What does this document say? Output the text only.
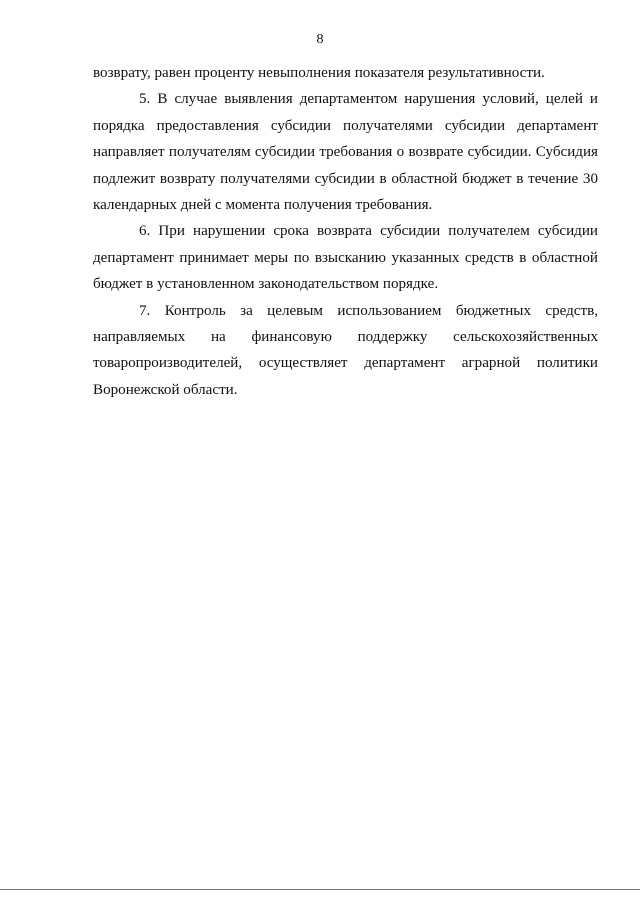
8

возврату, равен проценту невыполнения показателя результативности.

5. В случае выявления департаментом нарушения условий, целей и порядка предоставления субсидии получателями субсидии департамент направляет получателям субсидии требования о возврате субсидии. Субсидия подлежит возврату получателями субсидии в областной бюджет в течение 30 календарных дней с момента получения требования.

6. При нарушении срока возврата субсидии получателем субсидии департамент принимает меры по взысканию указанных средств в областной бюджет в установленном законодательством порядке.

7. Контроль за целевым использованием бюджетных средств, направляемых на финансовую поддержку сельскохозяйственных товаропроизводителей, осуществляет департамент аграрной политики Воронежской области.
